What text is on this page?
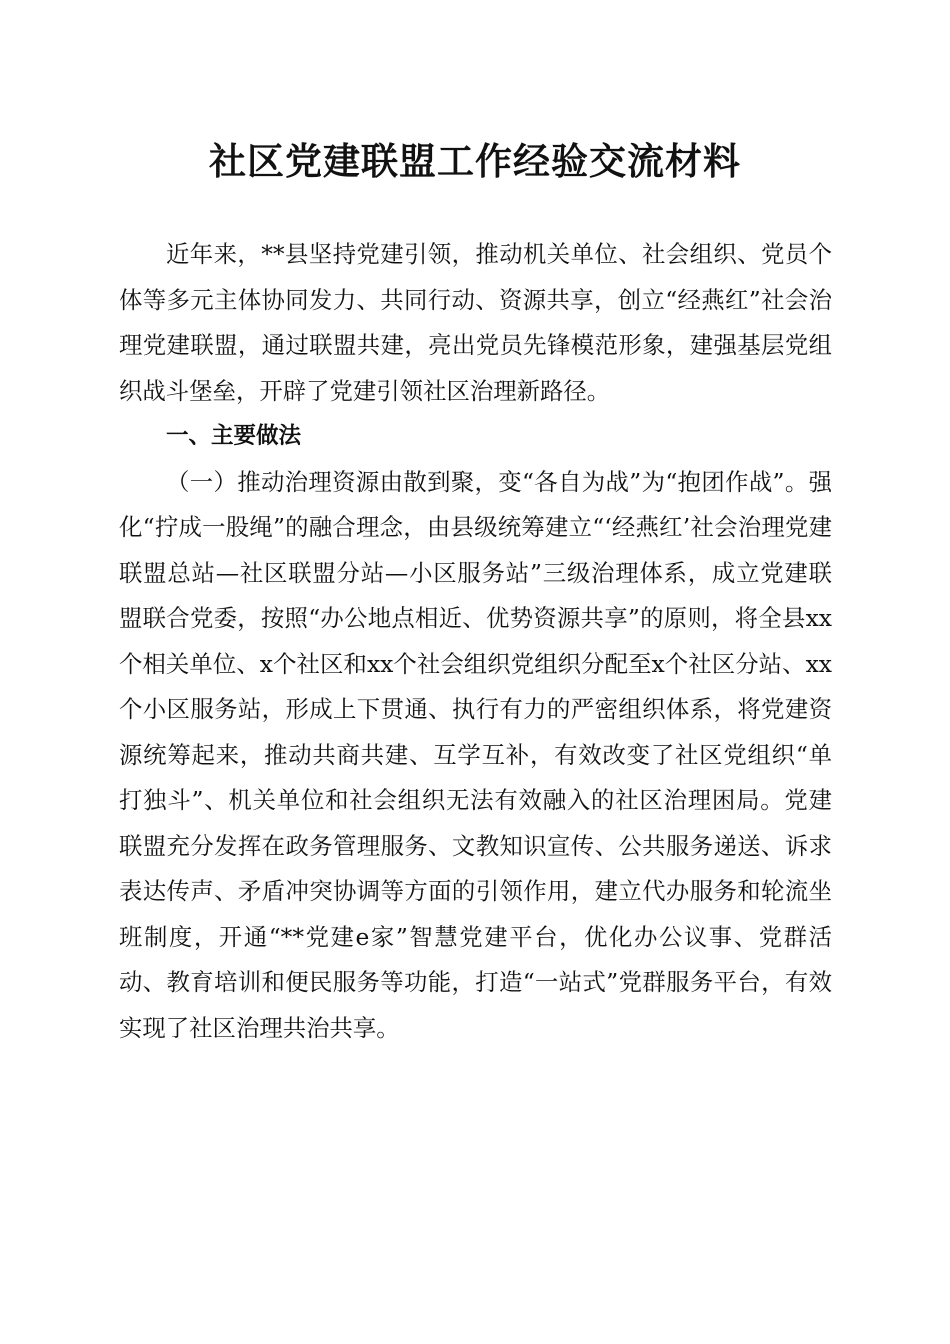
社区党建联盟工作经验交流材料

近年来，**县坚持党建引领，推动机关单位、社会组织、党员个体等多元主体协同发力、共同行动、资源共享，创立“经燕红”社会治理党建联盟，通过联盟共建，亮出党员先锋模范形象，建强基层党组织战斗堡垒，开辟了党建引领社区治理新路径。

一、主要做法

（一）推动治理资源由散到聚，变“各自为战”为“抱团作战”。强化“拧成一股绳”的融合理念，由县级统筹建立“‘经燕红’社会治理党建联盟总站—社区联盟分站—小区服务站”三级治理体系，成立党建联盟联合党委，按照“办公地点相近、优势资源共享”的原则，将全县xx个相关单位、x个社区和xx个社会组织党组织分配至x个社区分站、xx个小区服务站，形成上下贯通、执行有力的严密组织体系，将党建资源统筹起来，推动共商共建、互学互补，有效改变了社区党组织“单打独斗”、机关单位和社会组织无法有效融入的社区治理困局。党建联盟充分发挥在政务管理服务、文教知识宣传、公共服务递送、诉求表达传声、矛盾冲突协调等方面的引领作用，建立代办服务和轮流坐班制度，开通“**党建e家”智慧党建平台，优化办公议事、党群活动、教育培训和便民服务等功能，打造“一站式”党群服务平台，有效实现了社区治理共治共享。
